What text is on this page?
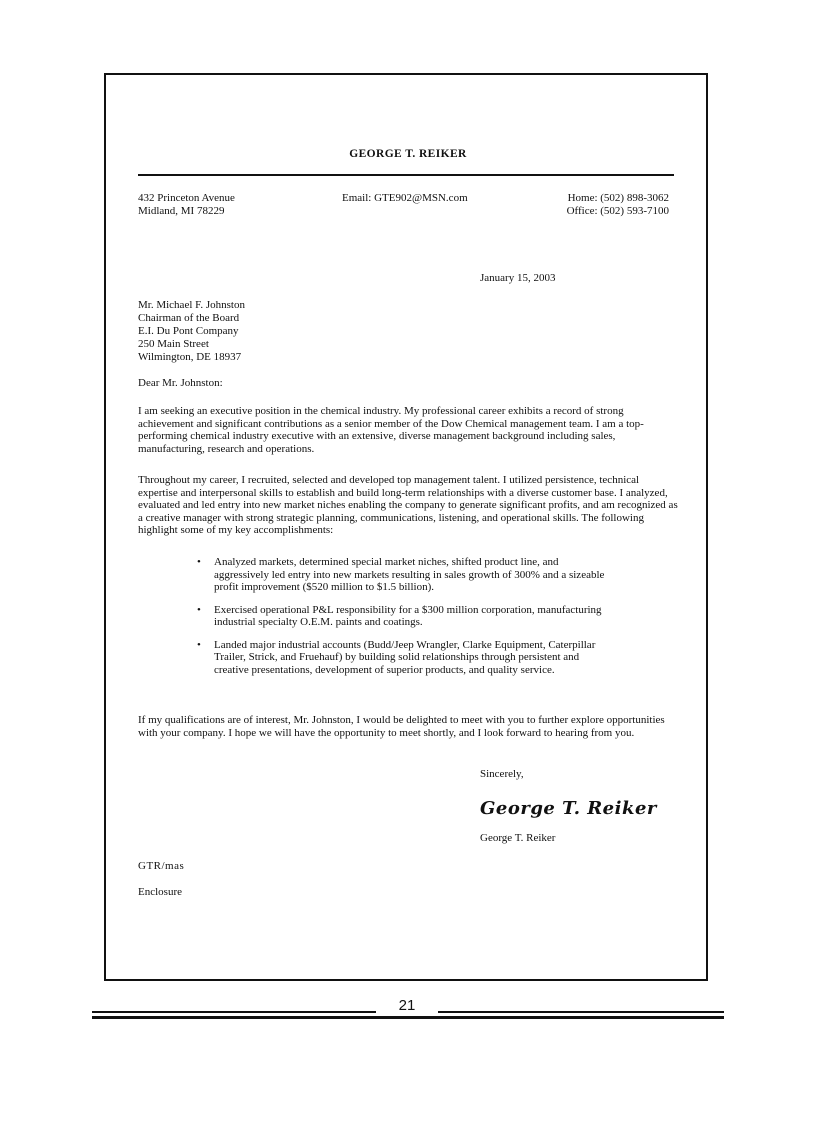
GEORGE T. REIKER
432 Princeton Avenue
Midland, MI 78229
Email: GTE902@MSN.com	Home: (502) 898-3062
Office: (502) 593-7100
January 15, 2003
Mr. Michael F. Johnston
Chairman of the Board
E.I. Du Pont Company
250 Main Street
Wilmington, DE 18937
Dear Mr. Johnston:
I am seeking an executive position in the chemical industry. My professional career exhibits a record of strong achievement and significant contributions as a senior member of the Dow Chemical management team. I am a top-performing chemical industry executive with an extensive, diverse management background including sales, manufacturing, research and operations.
Throughout my career, I recruited, selected and developed top management talent. I utilized persistence, technical expertise and interpersonal skills to establish and build long-term relationships with a diverse customer base. I analyzed, evaluated and led entry into new market niches enabling the company to generate significant profits, and am recognized as a creative manager with strong strategic planning, communications, listening, and operational skills. The following highlight some of my key accomplishments:
• Analyzed markets, determined special market niches, shifted product line, and aggressively led entry into new markets resulting in sales growth of 300% and a sizeable profit improvement ($520 million to $1.5 billion).
• Exercised operational P&L responsibility for a $300 million corporation, manufacturing industrial specialty O.E.M. paints and coatings.
• Landed major industrial accounts (Budd/Jeep Wrangler, Clarke Equipment, Caterpillar Trailer, Strick, and Fruehauf) by building solid relationships through persistent and creative presentations, development of superior products, and quality service.
If my qualifications are of interest, Mr. Johnston, I would be delighted to meet with you to further explore opportunities with your company. I hope we will have the opportunity to meet shortly, and I look forward to hearing from you.
Sincerely,
George T. Reiker
George T. Reiker
GTR/mas
Enclosure
21
